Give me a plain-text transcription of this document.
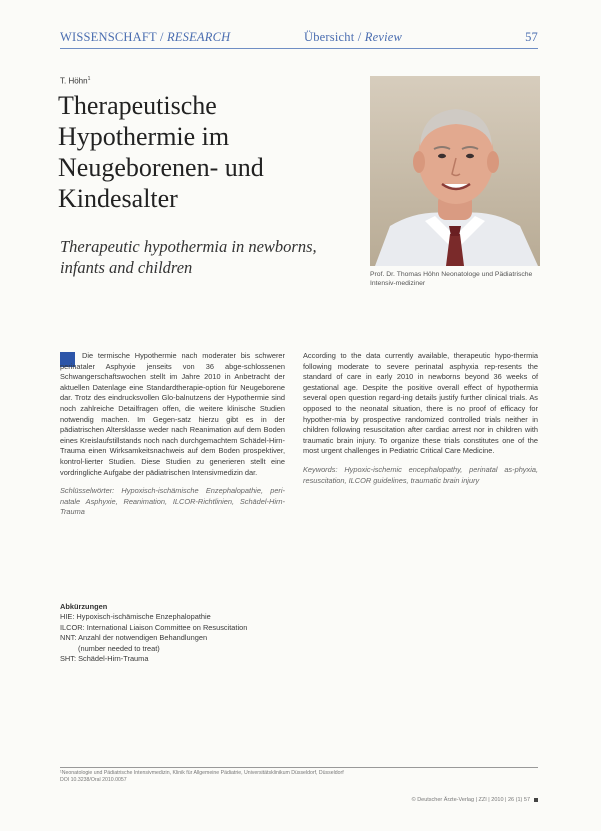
WISSENSCHAFT / RESEARCH	Übersicht / Review	57
T. Höhn$^1$
Therapeutische Hypothermie im Neugeborenen- und Kindesalter
Therapeutic hypothermia in newborns, infants and children	Prof. Dr. Thomas Höhn Neonatologe und Pädiatrische Intensiv-mediziner
Die termische Hypothermie nach moderater bis schwerer perinataler Asphyxie jenseits von 36 abge-schlossenen Schwangerschaftswochen stellt im Jahre 2010 in Anbetracht der aktuellen Datenlage eine Standardtherapie-option für Neugeborene dar. Trotz des eindrucksvollen Glo-balnutzens der Hypothermie sind noch zahlreiche Detailfragen offen, die weitere klinische Studien notwendig machen. Im Gegen-satz hierzu gibt es in der pädiatrischen Altersklasse weder nach Reanimation auf dem Boden eines Kreislaufstillstands noch nach durchgemachtem Schädel-Hirn-Trauma einen Wirksamkeitsnachweis auf dem Boden prospektiver, kontrol-lierter Studien. Diese Studien zu generieren stellt eine vordringliche Aufgabe der pädiatrischen Intensivmedizin dar.
Schlüsselwörter: Hypoxisch-ischämische Enzephalopathie, peri-natale Asphyxie, Reanimation, ILCOR-Richtlinien, Schädel-Hirn-Trauma
According to the data currently available, therapeutic hypo-thermia following moderate to severe perinatal asphyxia rep-resents the standard of care in early 2010 in newborns beyond 36 weeks of gestational age. Despite the positive overall effect of hypothermia several open question regard-ing details justify further clinical trials. As opposed to the neonatal situation, there is no proof of efficacy for hypother-mia by prospective randomized controlled trials neither in children following resuscitation after cardiac arrest nor in children with traumatic brain injury. To organize these trials constitutes one of the most urgent challenges in Pediatric Critical Care Medicine.
Keywords: Hypoxic-ischemic encephalopathy, perinatal as-phyxia, resuscitation, ILCOR guidelines, traumatic brain injury
Abkürzungen
HIE: Hypoxisch-ischämische Enzephalopathie
ILCOR: International Liaison Committee on Resuscitation
NNT: Anzahl der notwendigen Behandlungen
(number needed to treat)
SHT: Schädel-Hirn-Trauma
¹Neonatologie und Pädiatrische Intensivmedizin, Klinik für Allgemeine Pädiatrie, Universitätsklinikum Düsseldorf, Düsseldorf
DOI 10.3238/Oral 2010.0057
© Deutscher Ärzte-Verlag | ZZI | 2010 | 26 (1) 57
